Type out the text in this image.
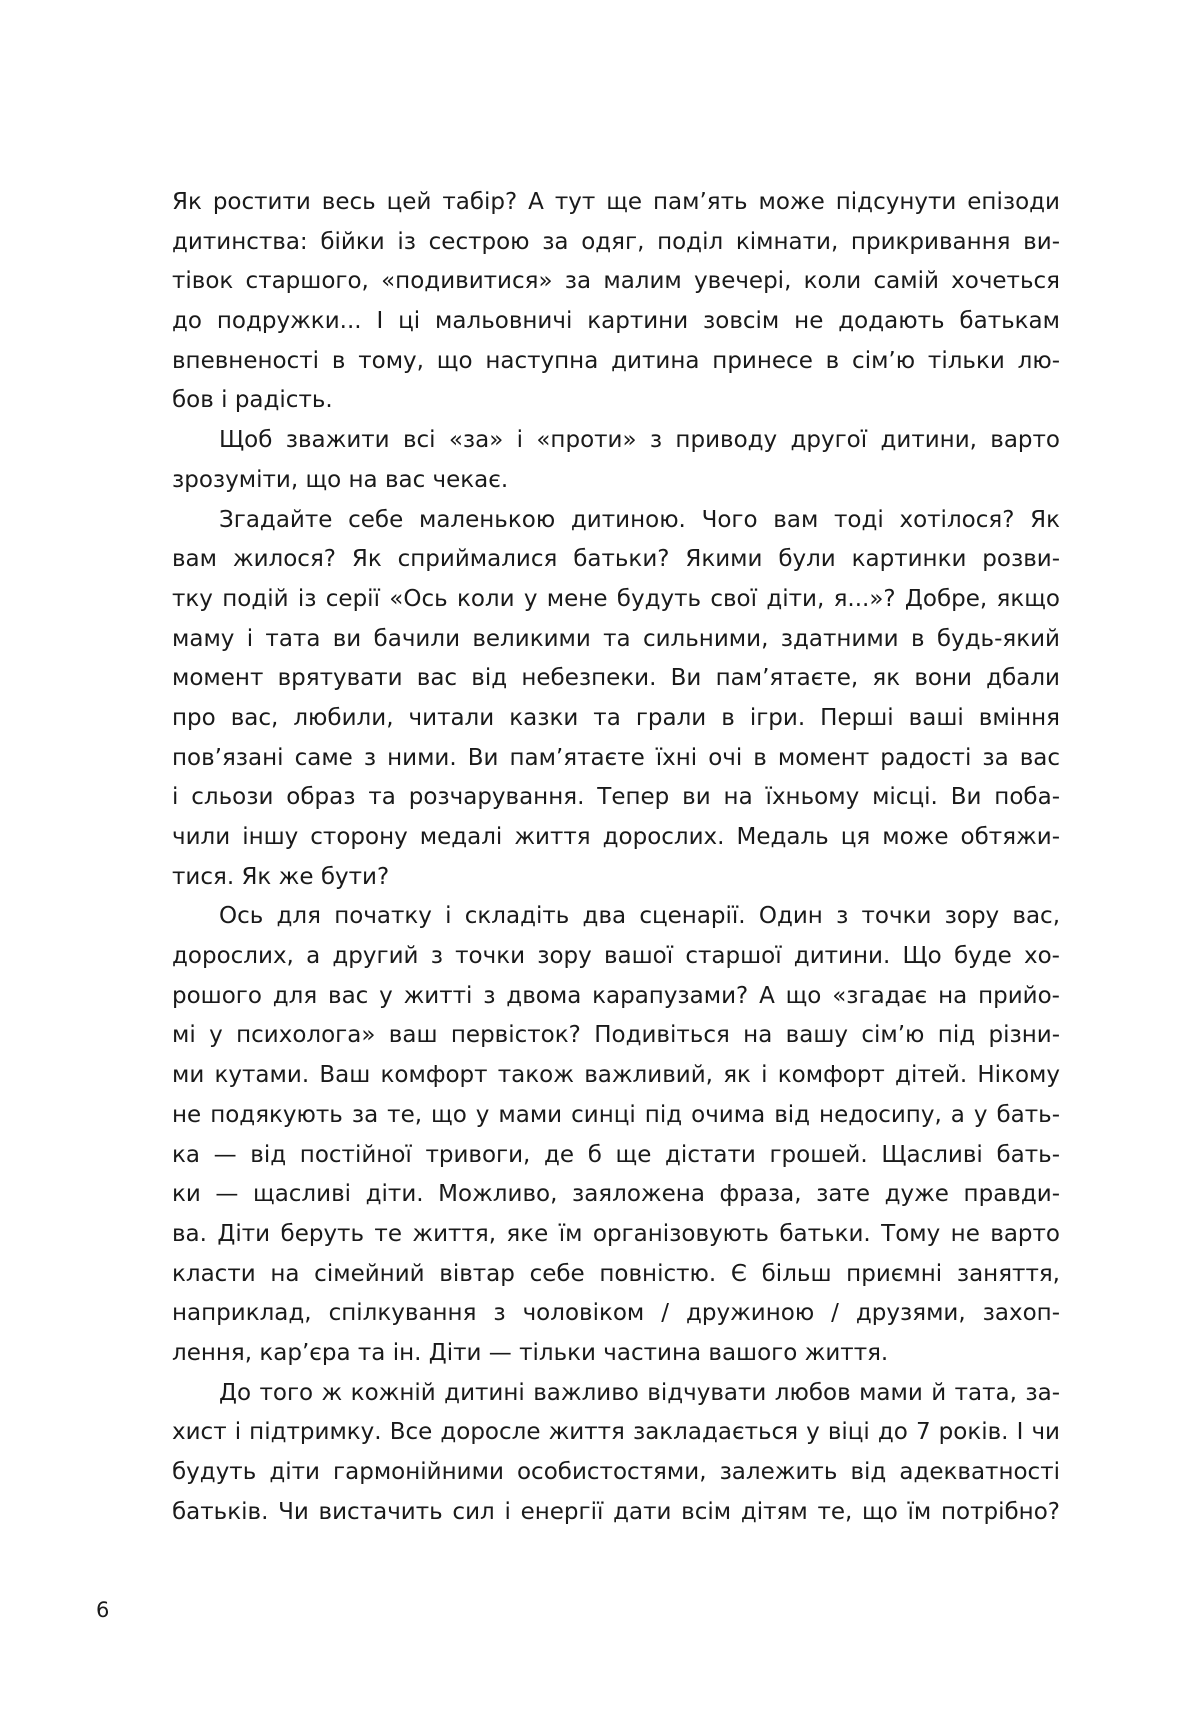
Як ростити весь цей табір? А тут ще пам’ять може підсунути епізоди
дитинства: бійки із сестрою за одяг, поділ кімнати, прикривання ви-
тівок старшого, «подивитися» за малим увечері, коли самій хочеться
до подружки... І ці мальовничі картини зовсім не додають батькам
впевненості в тому, що наступна дитина принесе в сім’ю тільки лю-
бов і радість.
Щоб зважити всі «за» і «проти» з приводу другої дитини, варто
зрозуміти, що на вас чекає.
Згадайте себе маленькою дитиною. Чого вам тоді хотілося? Як
вам жилося? Як сприймалися батьки? Якими були картинки розви-
тку подій із серії «Ось коли у мене будуть свої діти, я...»? Добре, якщо
маму і тата ви бачили великими та сильними, здатними в будь-який
момент врятувати вас від небезпеки. Ви пам’ятаєте, як вони дбали
про вас, любили, читали казки та грали в ігри. Перші ваші вміння
пов’язані саме з ними. Ви пам’ятаєте їхні очі в момент радості за вас
і сльози образ та розчарування. Тепер ви на їхньому місці. Ви поба-
чили іншу сторону медалі життя дорослих. Медаль ця може обтяжи-
тися. Як же бути?
Ось для початку і складіть два сценарії. Один з точки зору вас,
дорослих, а другий з точки зору вашої старшої дитини. Що буде хо-
рошого для вас у житті з двома карапузами? А що «згадає на прийо-
мі у психолога» ваш первісток? Подивіться на вашу сім’ю під різни-
ми кутами. Ваш комфорт також важливий, як і комфорт дітей. Нікому
не подякують за те, що у мами синці під очима від недосипу, а у бать-
ка — від постійної тривоги, де б ще дістати грошей. Щасливі бать-
ки — щасливі діти. Можливо, заяложена фраза, зате дуже правди-
ва. Діти беруть те життя, яке їм організовують батьки. Тому не варто
класти на сімейний вівтар себе повністю. Є більш приємні заняття,
наприклад, спілкування з чоловіком / дружиною / друзями, захоп-
лення, кар’єра та ін. Діти — тільки частина вашого життя.
До того ж кожній дитині важливо відчувати любов мами й тата, за-
хист і підтримку. Все доросле життя закладається у віці до 7 років. І чи
будуть діти гармонійними особистостями, залежить від адекватності
батьків. Чи вистачить сил і енергії дати всім дітям те, що їм потрібно?
6
